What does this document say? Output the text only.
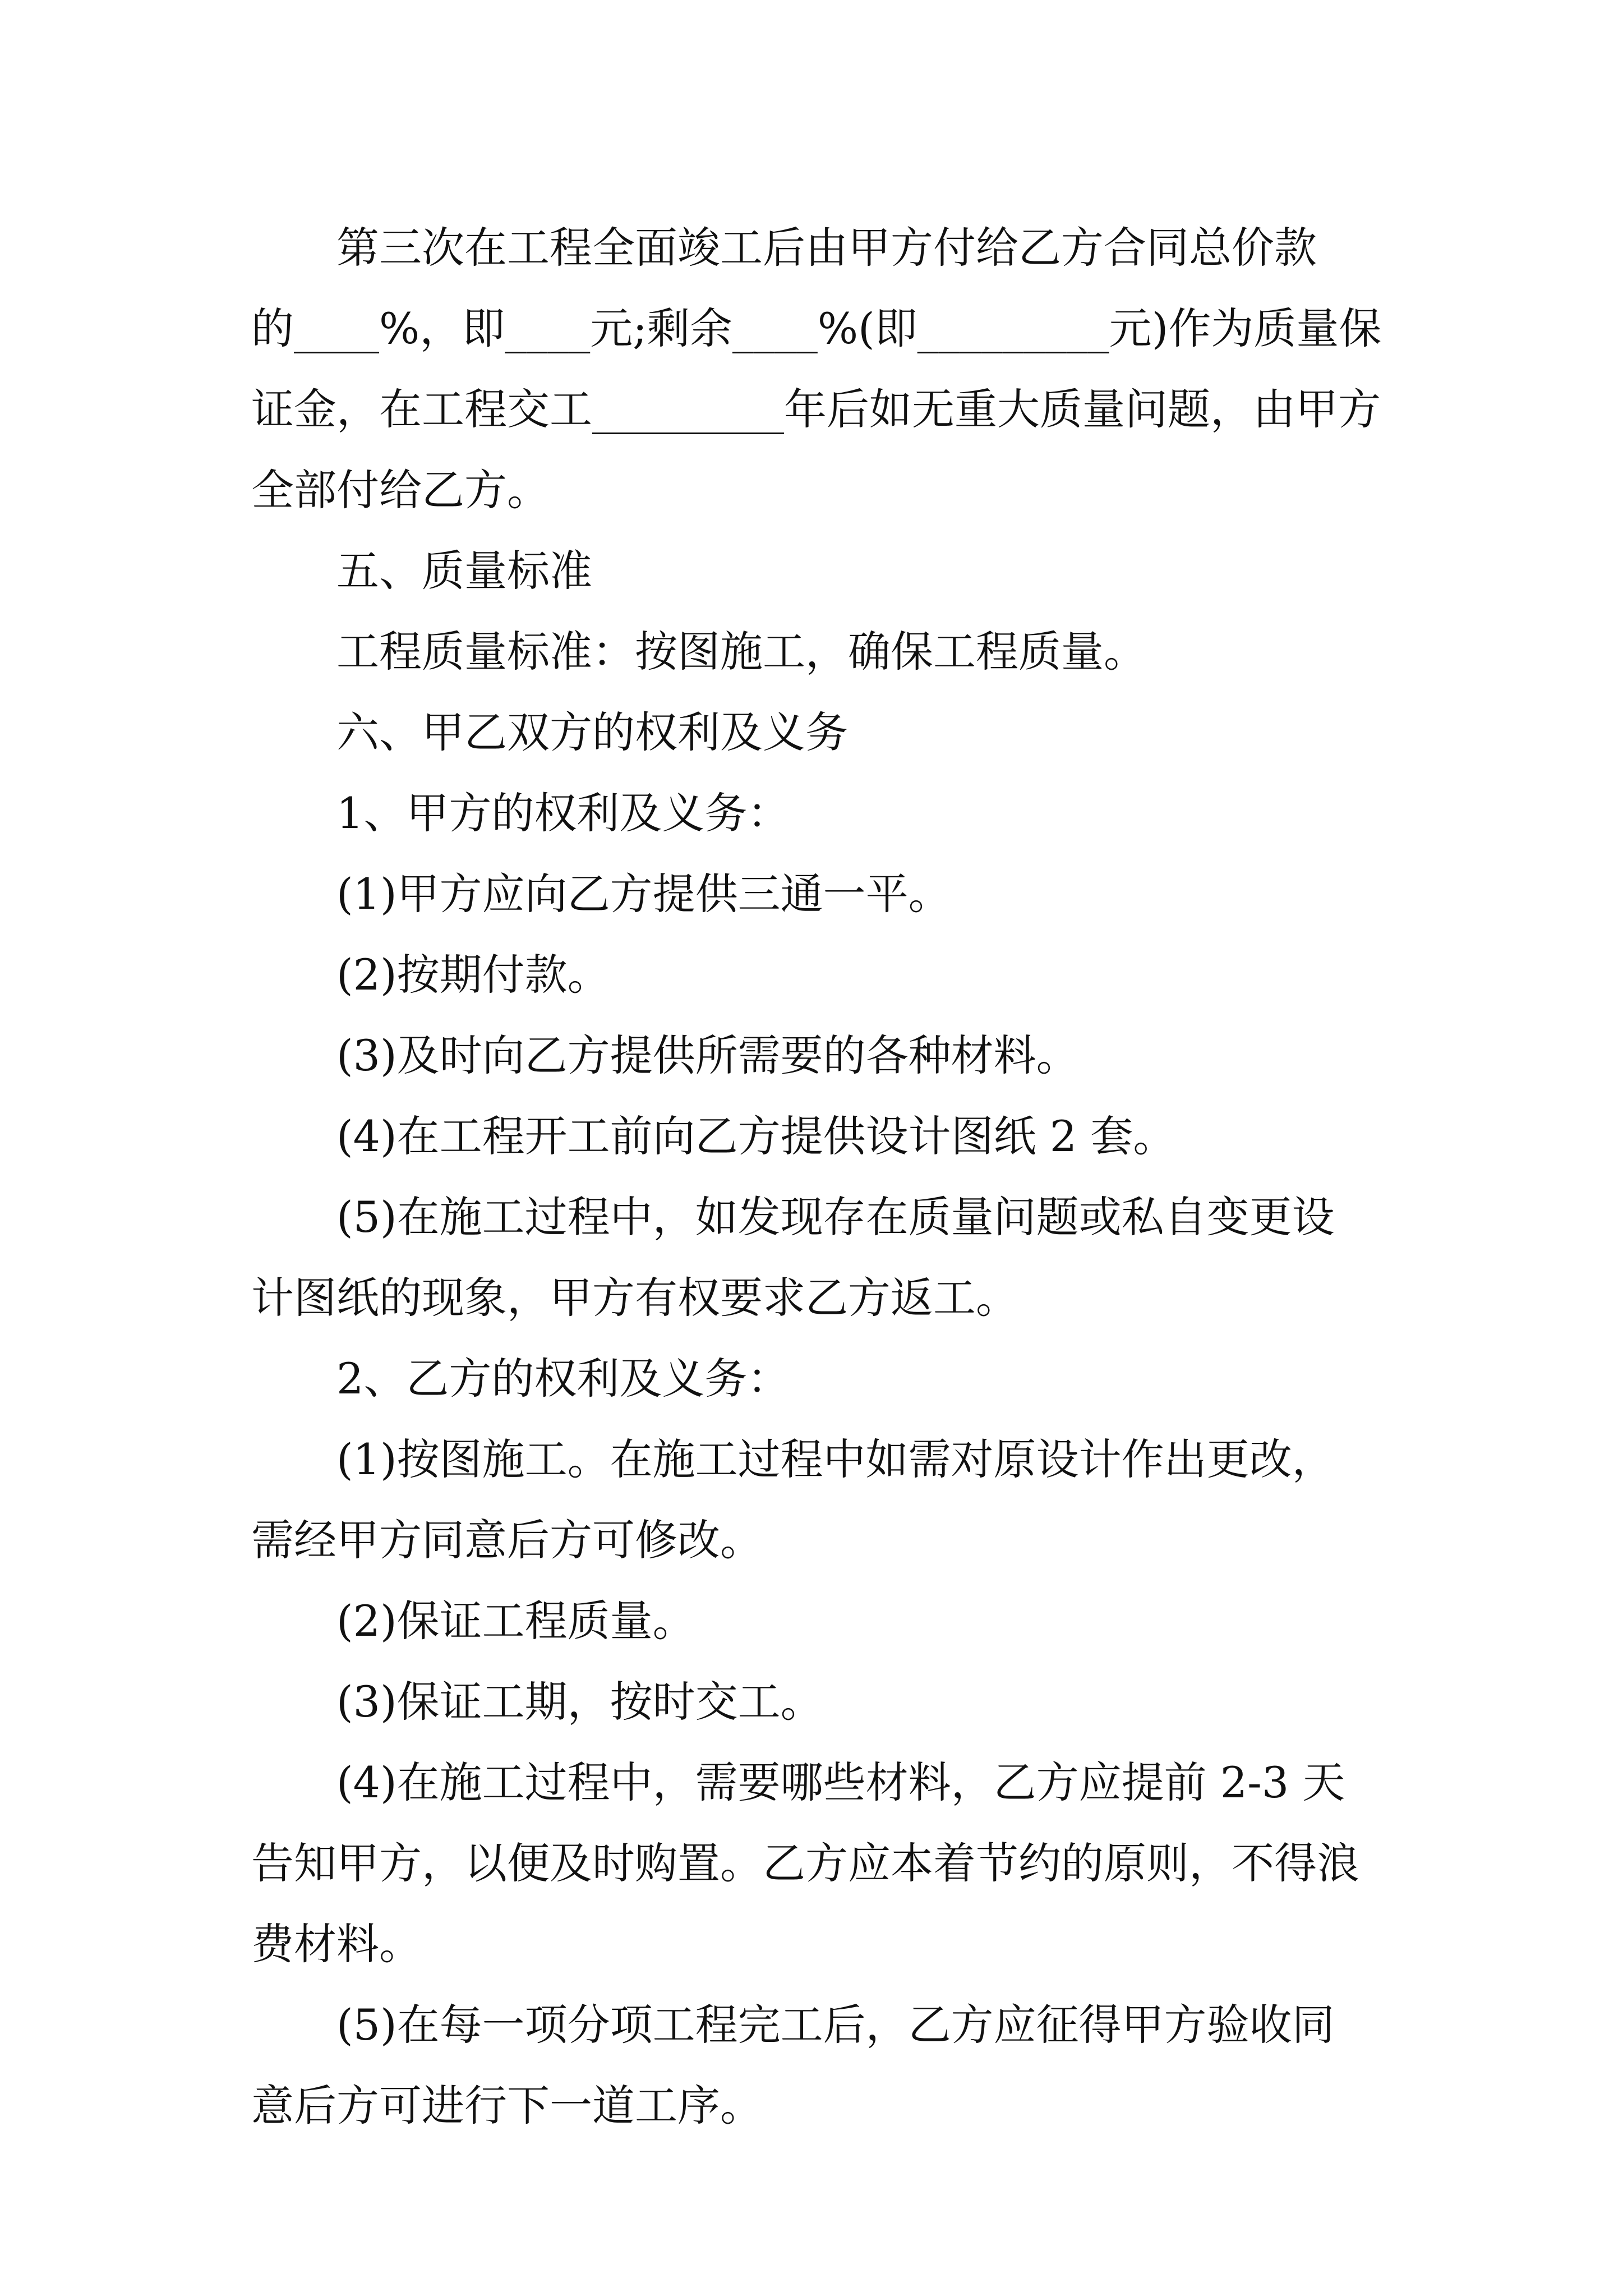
第三次在工程全面竣工后由甲方付给乙方合同总价款
的____%，即____元;剩余____%(即_________元)作为质量保
证金，在工程交工_________年后如无重大质量问题，由甲方
全部付给乙方。
五、质量标准
工程质量标准：按图施工，确保工程质量。
六、甲乙双方的权利及义务
1、甲方的权利及义务：
(1)甲方应向乙方提供三通一平。
(2)按期付款。
(3)及时向乙方提供所需要的各种材料。
(4)在工程开工前向乙方提供设计图纸 2 套。
(5)在施工过程中，如发现存在质量问题或私自变更设
计图纸的现象，甲方有权要求乙方返工。
2、乙方的权利及义务：
(1)按图施工。在施工过程中如需对原设计作出更改，
需经甲方同意后方可修改。
(2)保证工程质量。
(3)保证工期，按时交工。
(4)在施工过程中，需要哪些材料，乙方应提前 2-3 天
告知甲方，以便及时购置。乙方应本着节约的原则，不得浪
费材料。
(5)在每一项分项工程完工后，乙方应征得甲方验收同
意后方可进行下一道工序。
